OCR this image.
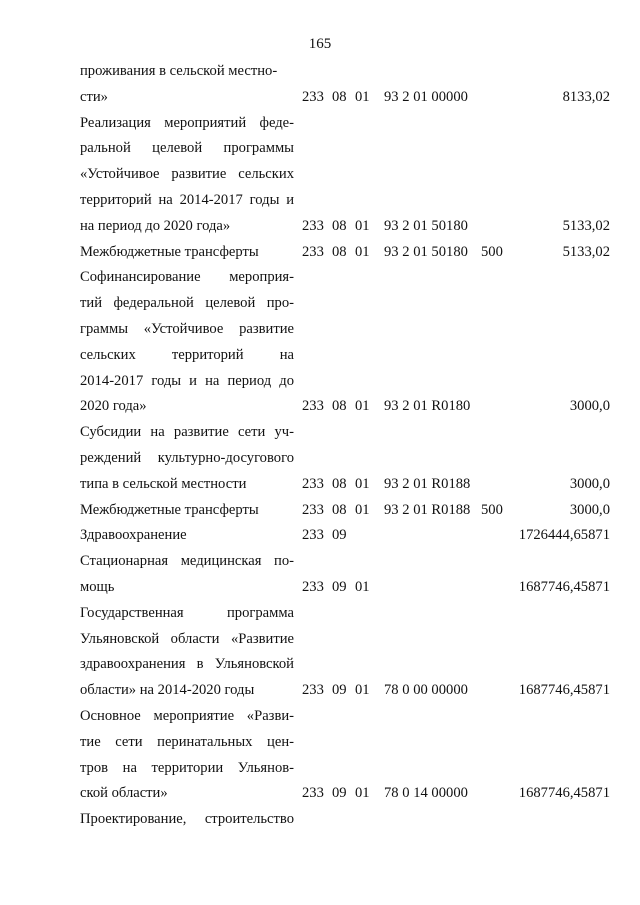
165
проживания в сельской местно-
сти»	233 08 01 93 2 01 00000	8133,02
Реализация мероприятий феде-
ральной целевой программы
«Устойчивое развитие сельских
территорий на 2014-2017 годы и
на период до 2020 года»	233 08 01 93 2 01 50180	5133,02
Межбюджетные трансферты	233 08 01 93 2 01 50180 500	5133,02
Софинансирование мероприя-
тий федеральной целевой про-
граммы «Устойчивое развитие
сельских территорий на
2014-2017 годы и на период до
2020 года»	233 08 01 93 2 01 R0180	3000,0
Субсидии на развитие сети уч-
реждений культурно-досугового
типа в сельской местности	233 08 01 93 2 01 R0188	3000,0
Межбюджетные трансферты	233 08 01 93 2 01 R0188 500	3000,0
Здравоохранение	233 09	1726444,65871
Стационарная медицинская по-
мощь	233 09 01	1687746,45871
Государственная программа
Ульяновской области «Развитие
здравоохранения в Ульяновской
области» на 2014-2020 годы	233 09 01 78 0 00 00000	1687746,45871
Основное мероприятие «Разви-
тие сети перинатальных цен-
тров на территории Ульянов-
ской области»	233 09 01 78 0 14 00000	1687746,45871
Проектирование, строительство
